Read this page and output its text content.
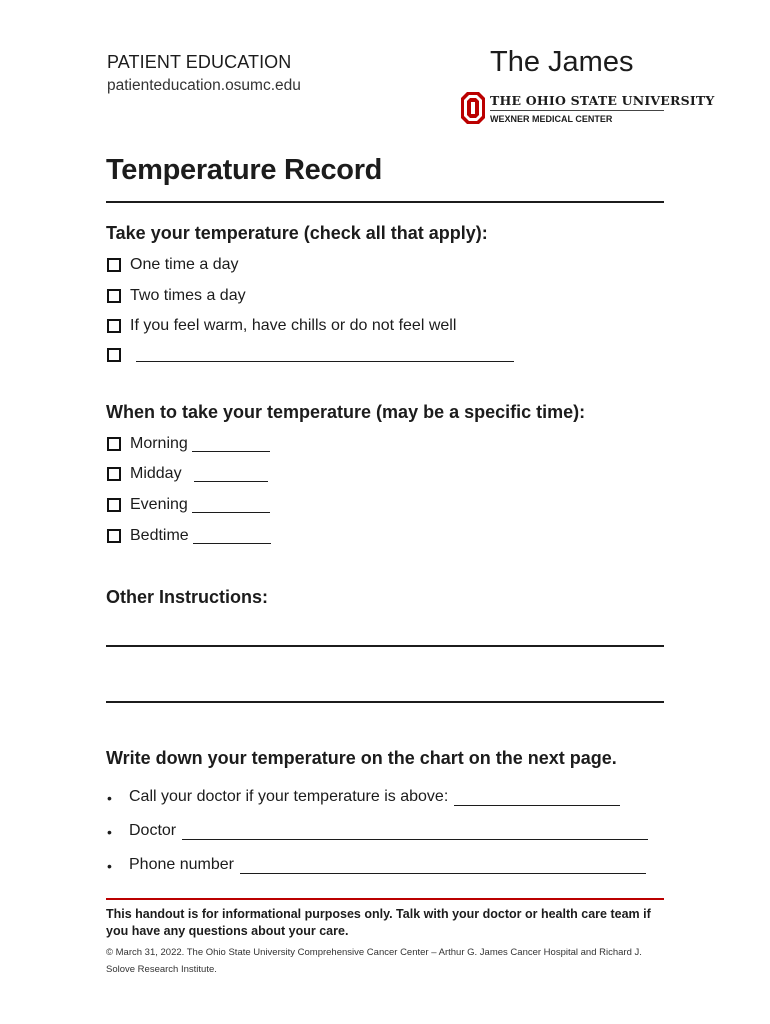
PATIENT EDUCATION
patienteducation.osumc.edu
The James
THE OHIO STATE UNIVERSITY
WEXNER MEDICAL CENTER
Temperature Record
Take your temperature (check all that apply):
One time a day
Two times a day
If you feel warm, have chills or do not feel well
When to take your temperature (may be a specific time):
Morning
Midday
Evening
Bedtime
Other Instructions:
Write down your temperature on the chart on the next page.
•	Call your doctor if your temperature is above:
•	Doctor
•	Phone number
This handout is for informational purposes only. Talk with your doctor or health care team if you have any questions about your care.
© March 31, 2022. The Ohio State University Comprehensive Cancer Center – Arthur G. James Cancer Hospital and Richard J. Solove Research Institute.
